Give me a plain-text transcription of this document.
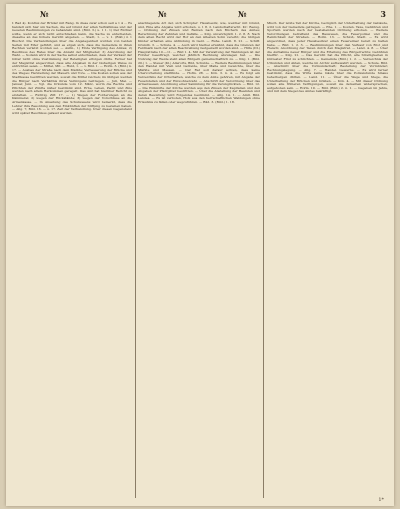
№	№	№	3

f. Bad 4). Konflux der Brüder mit Rang. In diese zwar schon seit a 1 4 ... Es handelt sich hier um Sachen, die auf Grund der alten Verhältnisse und der neueren Bestimmungen zu behandeln sind. (Bild. 3.) u. 1 1. 1) Der Richter sollte, wenn er sich nicht entschließen kann, die Sache zu entscheiden, dieselbe an das höhere Gericht abgeben. — Stadt, 1. — v. 1. (Bild.) n 1 Bischof. Die Verhandlungen über die Angelegenheit wurden von beiden Seiten mit Eifer geführt, und es ergab sich, dass die Gemeinde in ihren Rechten verletzt worden sei. — Aufm., 1) Erste Verfügung des Amtes; 2) Beschluss des Rates über die Anzahl der Mitglieder; 3) Anordnung der Wahl. — Sodann wird in der Sache selbst entschieden, dass der Verkauf der Güter nicht ohne Zustimmung der Beteiligten erfolgen dürfe. Ferner hat der Magistrat angeordnet, dass alle Abgaben in der bisherigen Weise zu entrichten seien. — Mittel, Mit. — Huld, 1. — v. Bild. 1. — Hofm. 3. (Bild.) n. 17. — Ausbau der Straße nach dem Markte; Verbesserung der Brücke und des Weges; Herstellung der Mauern und Tore. — Die Kosten sollen aus der Stadtkasse bestritten werden, soweit die Mittel reichen; im übrigen werden die Bürger nach Verhältnis ihres Vermögens beitragen. — Juli, Mai. — Januar, Juni. — Vgl. die Urkunde vom 12. März, worin die Rechte und Pflichten der Zünfte näher bestimmt sind. Erbe, Lehen, Pacht und Zins werden nach altem Herkommen geregelt. Das Amt hat hierüber Bericht zu erstatten. — Richtig, Ziff. 17. — 1) Wegen der Forderungen an die Kämmerei; 2) wegen der Rückstände; 3) wegen der Vorschüsse an die Armenkasse. — In Ansehung des Schulwesens wird bemerkt, dass die Lehrer ihre Besoldung aus den Einkünften der Stiftung zu beziehen haben. — Allg. 7, Bild. 16. — u. 17. Zeit der Verhandlung. Über diesen Gegenstand wird später Beschluss gefasst werden.

anschlagende Art der, sich Schöpfer: Hausbesitz, wie, welcher mit Grund, und, Eine alte Abgabe wird erhoben. u. 1 8. 2. Landschaftsrecht. Kr.: Bezug. — Ordnung der Zinsen und Renten nach den Büchern des Amtes; Berechnung der Zehnten und Gefälle. — Kilg. unverzüglich 1. 2. 8. 8. Nach dem alten Recht wird der Hof an den ältesten Sohn vererbt; die übrigen Kinder erhalten eine Abfindung in Geld. — Ruhe. Landl. 8. 21. — Schiff. Grundb. 3. — Schule. 4. — Auch wird hierbei erwähnt, dass die Grenzen der Feldmark nach der alten Beschreibung festgestellt worden sind. — Hilfe (III.) Hauptstraße 10.—11. — Bild 1. 4. Mit der Verwaltung der Waldungen ist der Förster beauftragt, welcher jährlich Rechnung abzulegen hat. — Die Nutzung der Weide steht allen Bürgern gemeinschaftlich zu. — Kilg. 1. (Bild. 20.) 1. — Steuer (Kl.) Allerorts, Bild, Schulde. — Weitere Bestimmungen über den Handel mit Vieh und Getreide, über Maße und Gewichte, über die Märkte und Messen. — Der Rat soll darauf achten, dass keine Übervorteilung stattfinde. — Hofm. 28. — Kön. 3. n. 4. — Es folgt ein Verzeichnis der Ortschaften, welche zu dem Amte gehören, mit Angabe der Feuerstellen und der Einwohnerzahl. — Abschrift der Verordnung über das Armenwesen; Anordnung einer Sammlung für die Verunglückten. — Bild. 12. — Die Einkünfte der Kirche werden aus den Zinsen der Kapitalien und den Abgaben der Pfarrgüter bestritten. — Über die Anstellung der Beamten und deren Besoldung wird Folgendes bestimmt. — Allg. 14. 1. — Amtl. Bild. Landes. — Es ist verboten, Holz aus den herrschaftlichen Waldungen ohne Erlaubnis zu fällen oder wegzuführen. — Bild. 3. (Bild.) 1. 18.

Misch. Der letzte Teil der Kirche, bezüglich der Unterhaltung der Gebäude, wird von der Gemeinde getragen. — Ehe. 1. — Kosten. Taxe, Gebühren und Sporteln werden nach der bestehenden Ordnung erhoben. — Weitere Verordnungen betreffend das Bauwesen, die Feuerpolizei und die Reinlichkeit der Straßen. — Hofm. 13. — Schloß, Stadt. — Es wird angeordnet, dass jeder Hausbesitzer einen Feuereimer bereit zu halten habe. — Bild. 1. 2. 3. — Bestimmungen über den Verkauf von Brot und Fleisch; Anordnung der Taxen durch den Magistrat. — Land. 4. 8. — Über die Aufnahme neuer Bürger und die Erteilung des Bürgerrechts; Gebühren hierfür. — Kilg. 21. — Das Gericht hat die Pflicht, alle Streitigkeiten in kürzester Frist zu schlichten. — Gemeinde (Bild.) 1. 2. — Verzeichnis der Urkunden und Akten, welche im Archiv aufbewahrt werden. — Schule. Bild. — Abschnitt über die Vormundschaft; Bestellung der Vormünder; Rechnungslegung. — Allg. 7. — Handel. Gewerbe. — Es wird ferner bestimmt, dass die Wirte keine Gäste über die Polizeistunde hinaus beherbergen dürfen. — Land. 11. — Über die Wege und Stege, die Unterhaltung der Brücken und Gräben. — Kön. 4. — Mit dieser Ordnung sollen alle früheren Verfügungen, soweit sie derselben widersprechen, aufgehoben sein. — Hofm. 19. — Bild. (Bild.) 2. n. 1. — Gegeben im Jahre, und mit dem Siegel des Amtes bekräftigt.

1*
